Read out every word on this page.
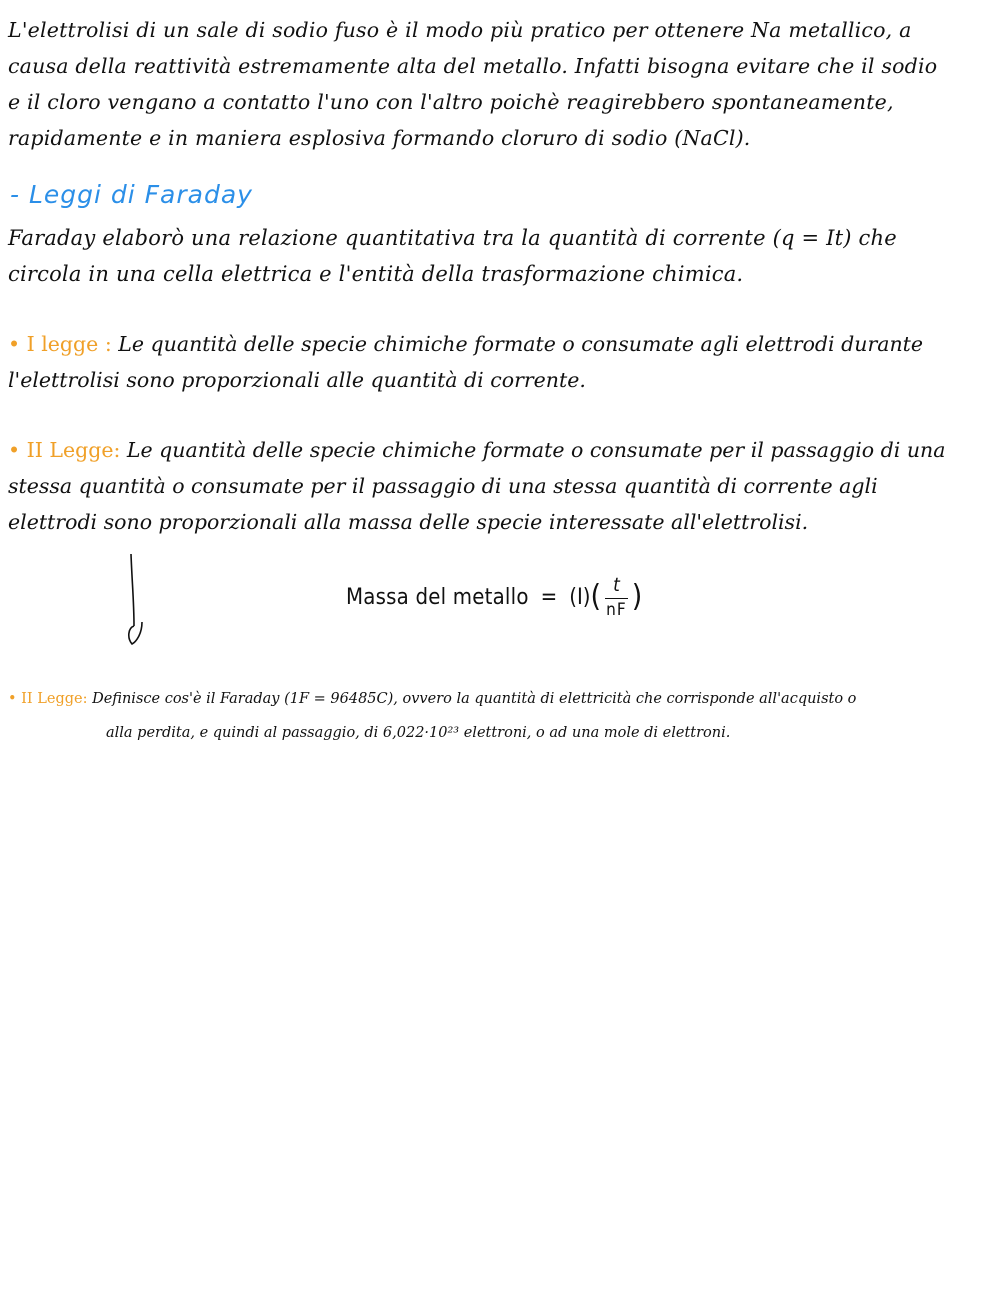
L'elettrolisi di un sale di sodio fuso è il modo più pratico per ottenere Na metallico, a
causa della reattività estremamente alta del metallo. Infatti bisogna evitare che il sodio
e il cloro vengano a contatto l'uno con l'altro poichè reagirebbero spontaneamente,
rapidamente e in maniera esplosiva formando cloruro di sodio (NaCl).
- Leggi di Faraday
Faraday elaborò una relazione quantitativa tra la quantità di corrente (q = It) che
circola in una cella elettrica e l'entità della trasformazione chimica.
• I legge : Le quantità delle specie chimiche formate o consumate agli elettrodi durante
l'elettrolisi sono proporzionali alle quantità di corrente.
• II Legge: Le quantità delle specie chimiche formate o consumate per il passaggio di una
stessa quantità o consumate per il passaggio di una stessa quantità di corrente agli
elettrodi sono proporzionali alla massa delle specie interessate all'elettrolisi.
Massa del metallo = (I) ( $\frac{t}{nF}$ )
• II Legge: Definisce cos'è il Faraday (1F = 96485C), ovvero la quantità di elettricità che corrisponde all'acquisto o
alla perdita, e quindi al passaggio, di 6,022·10²³ elettroni, o ad una mole di elettroni.
